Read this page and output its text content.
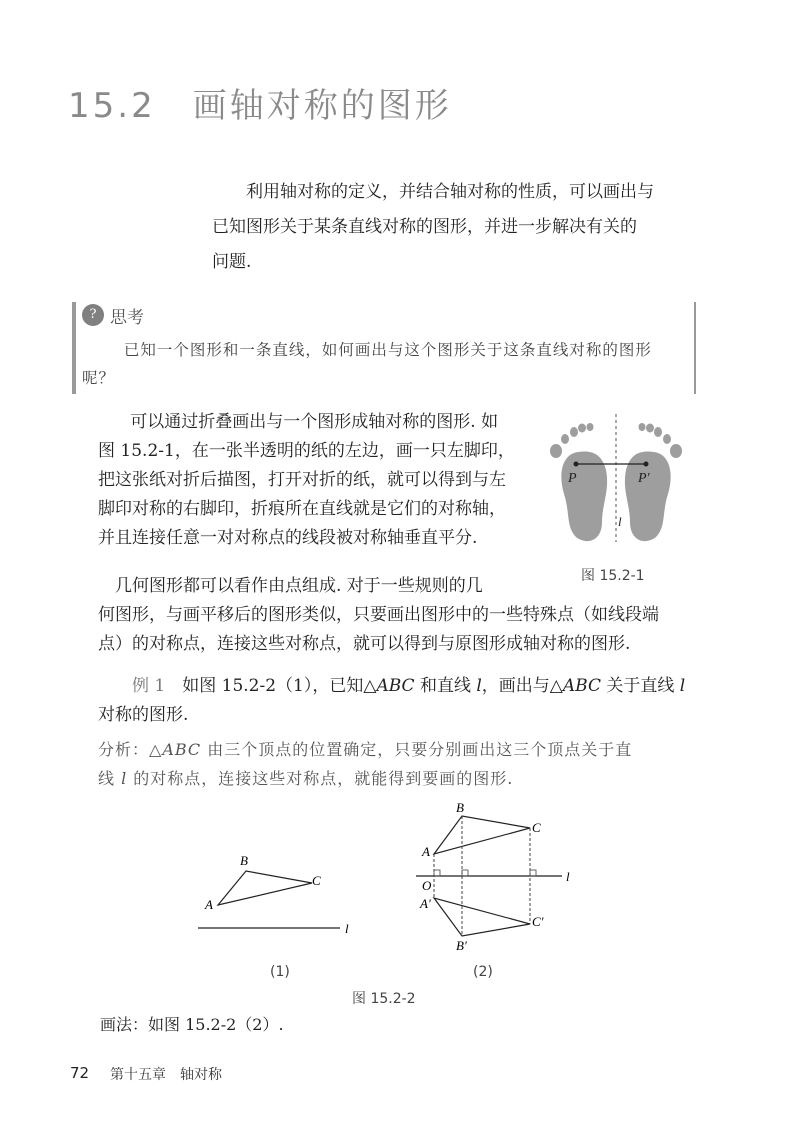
15.2　画轴对称的图形

利用轴对称的定义，并结合轴对称的性质，可以画出与

已知图形关于某条直线对称的图形，并进一步解决有关的
问题.
? 思考
已知一个图形和一条直线，如何画出与这个图形关于这条直线对称的图形呢？
可以通过折叠画出与一个图形成轴对称的图形. 如
图 15.2-1，在一张半透明的纸的左边，画一只左脚印，
把这张纸对折后描图，打开对折的纸，就可以得到与左
脚印对称的右脚印，折痕所在直线就是它们的对称轴，
并且连接任意一对对称点的线段被对称轴垂直平分.
P	P′
l
图 15.2-1
　几何图形都可以看作由点组成. 对于一些规则的几
何图形，与画平移后的图形类似，只要画出图形中的一些特殊点（如线段端
点）的对称点，连接这些对称点，就可以得到与原图形成轴对称的图形.
例 1　 如图 15.2-2（1），已知△ABC 和直线 l，画出与△ABC 关于直线 l
对称的图形.
分析：△ABC 由三个顶点的位置确定，只要分别画出这三个顶点关于直
线 l 的对称点，连接这些对称点，就能得到要画的图形.
A
B
C
l
(1)
A
B
C
O
A′
B′
C′
l
(2)
图 15.2-2
画法：如图 15.2-2（2）.
72 第十五章　轴对称
